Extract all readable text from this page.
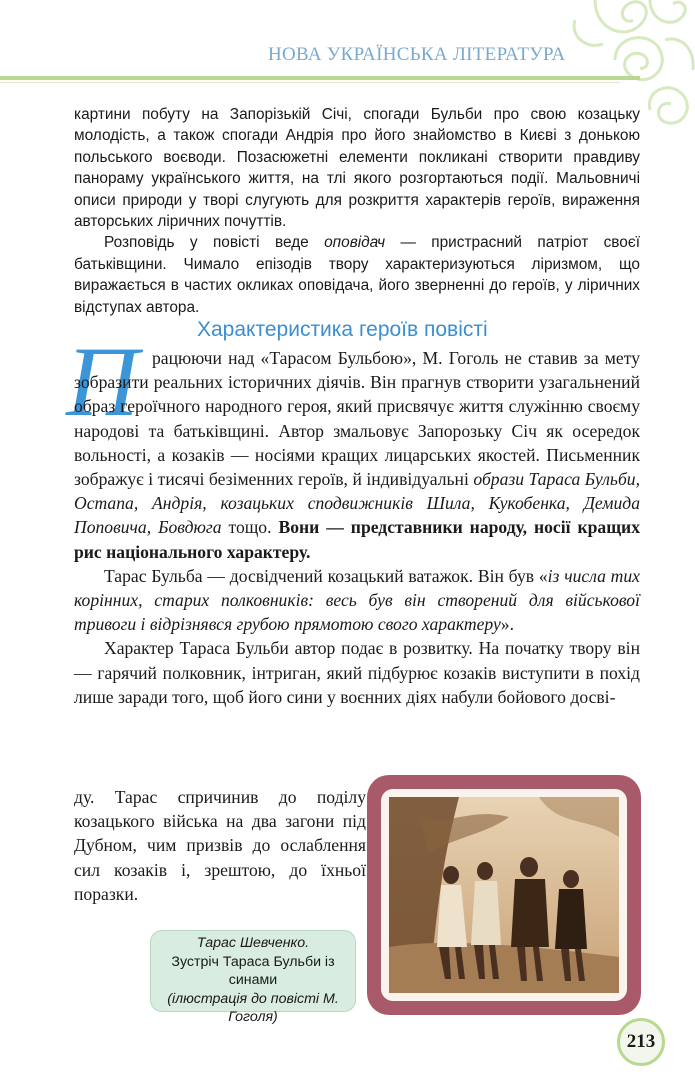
НОВА УКРАЇНСЬКА ЛІТЕРАТУРА

картини побуту на Запорізькій Січі, спогади Бульби про свою козацьку молодість, а також спогади Андрія про його знайомство в Києві з донькою польського воєводи. Позасюжетні елементи покликані створити правдиву панораму українського життя, на тлі якого розгортаються події. Мальовничі описи природи у творі слугують для розкриття характерів героїв, вираження авторських ліричних почуттів.

Розповідь у повісті веде оповідач — пристрасний патріот своєї батьківщини. Чимало епізодів твору характеризуються ліризмом, що виражається в частих окликах оповідача, його зверненні до героїв, у ліричних відступах автора.

Характеристика героїв повісті
П рацюючи над «Тарасом Бульбою», М. Гоголь не ставив за мету зобразити реальних історичних діячів. Він прагнув створити узагальнений образ героїчного народного героя, який присвячує життя служінню своєму народові та батьківщині. Автор змальовує Запорозьку Січ як осередок вольності, а козаків — носіями кращих лицарських якостей. Письменник зображує і тисячі безіменних героїв, й індивідуальні образи Тараса Бульби, Остапа, Андрія, козацьких сподвижників Шила, Кукобенка, Демида Поповича, Бовдюга тощо. Вони — представники народу, носії кращих рис національного характеру.

Тарас Бульба — досвідчений козацький ватажок. Він був «із числа тих корінних, старих полковників: весь був він створений для військової тривоги і відрізнявся грубою прямотою свого характеру».

Характер Тараса Бульби автор подає в розвитку. На початку твору він — гарячий полковник, інтриган, який підбурює козаків виступити в похід лише заради того, щоб його сини у воєнних діях набули бойового досві-

ду. Тарас спричинив до поділу козацького війська на два загони під Дубном, чим призвів до ослаблення сил козаків і, зрештою, до їхньої поразки.
Тарас Шевченко.
Зустріч Тараса Бульби із синами
(ілюстрація до повісті М. Гоголя)
213
